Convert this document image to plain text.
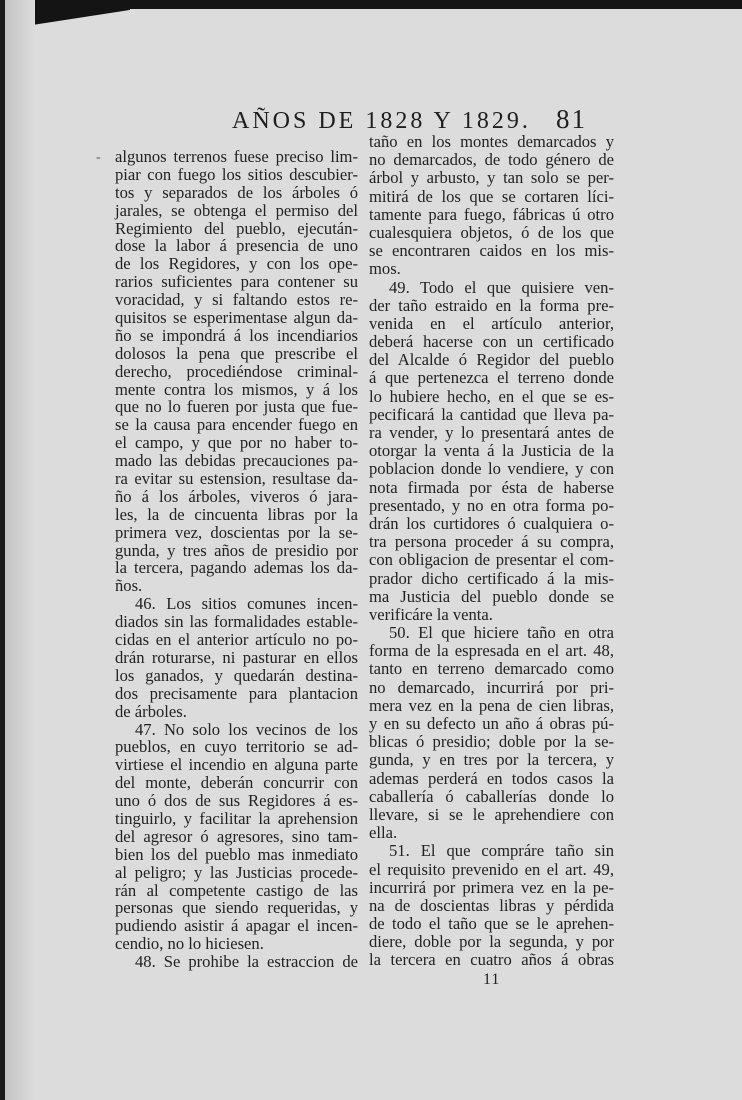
AÑOS DE 1828 Y 1829. 81
- algunos terrenos fuese preciso lim-
piar con fuego los sitios descubier-
tos y separados de los árboles ó
jarales, se obtenga el permiso del
Regimiento del pueblo, ejecután-
dose la labor á presencia de uno
de los Regidores, y con los ope-
rarios suficientes para contener su
voracidad, y si faltando estos re-
quisitos se esperimentase algun da-
ño se impondrá á los incendiarios
dolosos la pena que prescribe el
derecho, procediéndose criminal-
mente contra los mismos, y á los
que no lo fueren por justa que fue-
se la causa para encender fuego en
el campo, y que por no haber to-
mado las debidas precauciones pa-
ra evitar su estension, resultase da-
ño á los árboles, viveros ó jara-
les, la de cincuenta libras por la
primera vez, doscientas por la se-
gunda, y tres años de presidio por
la tercera, pagando ademas los da-
ños.
46. Los sitios comunes incen-
diados sin las formalidades estable-
cidas en el anterior artículo no po-
drán roturarse, ni pasturar en ellos
los ganados, y quedarán destina-
dos precisamente para plantacion
de árboles.
47. No solo los vecinos de los
pueblos, en cuyo territorio se ad-
virtiese el incendio en alguna parte
del monte, deberán concurrir con
uno ó dos de sus Regidores á es-
tinguirlo, y facilitar la aprehension
del agresor ó agresores, sino tam-
bien los del pueblo mas inmediato
al peligro; y las Justicias procede-
rán al competente castigo de las
personas que siendo requeridas, y
pudiendo asistir á apagar el incen-
cendio, no lo hiciesen.
48. Se prohibe la estraccion de
taño en los montes demarcados y
no demarcados, de todo género de
árbol y arbusto, y tan solo se per-
mitirá de los que se cortaren líci-
tamente para fuego, fábricas ú otro
cualesquiera objetos, ó de los que
se encontraren caidos en los mis-
mos.
49. Todo el que quisiere ven-
der taño estraido en la forma pre-
venida en el artículo anterior,
deberá hacerse con un certificado
del Alcalde ó Regidor del pueblo
á que pertenezca el terreno donde
lo hubiere hecho, en el que se es-
pecificará la cantidad que lleva pa-
ra vender, y lo presentará antes de
otorgar la venta á la Justicia de la
poblacion donde lo vendiere, y con
nota firmada por ésta de haberse
presentado, y no en otra forma po-
drán los curtidores ó cualquiera o-
tra persona proceder á su compra,
con obligacion de presentar el com-
prador dicho certificado á la mis-
ma Justicia del pueblo donde se
verificáre la venta.
50. El que hiciere taño en otra
forma de la espresada en el art. 48,
tanto en terreno demarcado como
no demarcado, incurrirá por pri-
mera vez en la pena de cien libras,
y en su defecto un año á obras pú-
blicas ó presidio; doble por la se-
gunda, y en tres por la tercera, y
ademas perderá en todos casos la
caballería ó caballerías donde lo
llevare, si se le aprehendiere con
ella.
51. El que compráre taño sin
el requisito prevenido en el art. 49,
incurrirá por primera vez en la pe-
na de doscientas libras y pérdida
de todo el taño que se le aprehen-
diere, doble por la segunda, y por
la tercera en cuatro años á obras
11
